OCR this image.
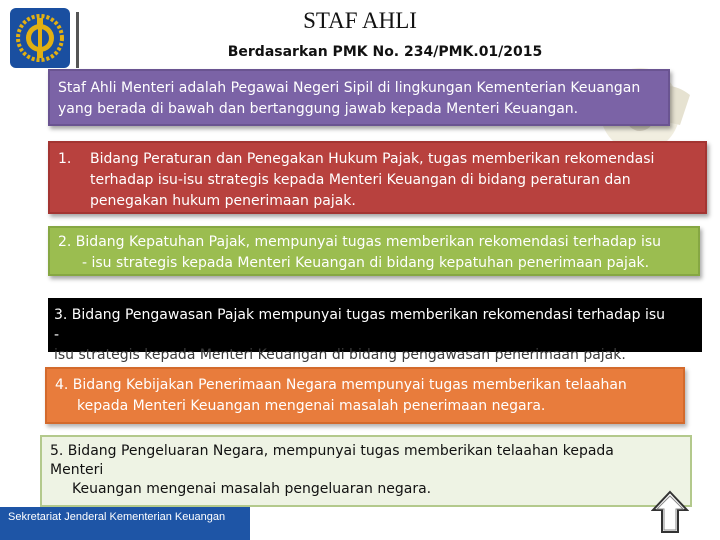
STAF AHLI
Berdasarkan PMK No. 234/PMK.01/2015

Staf Ahli Menteri adalah Pegawai Negeri Sipil di lingkungan Kementerian Keuangan yang berada di bawah dan bertanggung jawab kepada Menteri Keuangan.

1. Bidang Peraturan dan Penegakan Hukum Pajak, tugas memberikan rekomendasi

terhadap isu-isu strategis kepada Menteri Keuangan di bidang peraturan dan

penegakan hukum penerimaan pajak.

2. Bidang Kepatuhan Pajak, mempunyai tugas memberikan rekomendasi terhadap isu

- isu strategis kepada Menteri Keuangan di bidang kepatuhan penerimaan pajak.

3. Bidang Pengawasan Pajak mempunyai tugas memberikan rekomendasi terhadap isu

-

isu strategis kepada Menteri Keuangan di bidang pengawasan penerimaan pajak.

4. Bidang Kebijakan Penerimaan Negara mempunyai tugas memberikan telaahan

kepada Menteri Keuangan mengenai masalah penerimaan negara.

5. Bidang Pengeluaran Negara, mempunyai tugas memberikan telaahan kepada

Menteri

Keuangan mengenai masalah pengeluaran negara.

Sekretariat Jenderal Kementerian Keuangan
